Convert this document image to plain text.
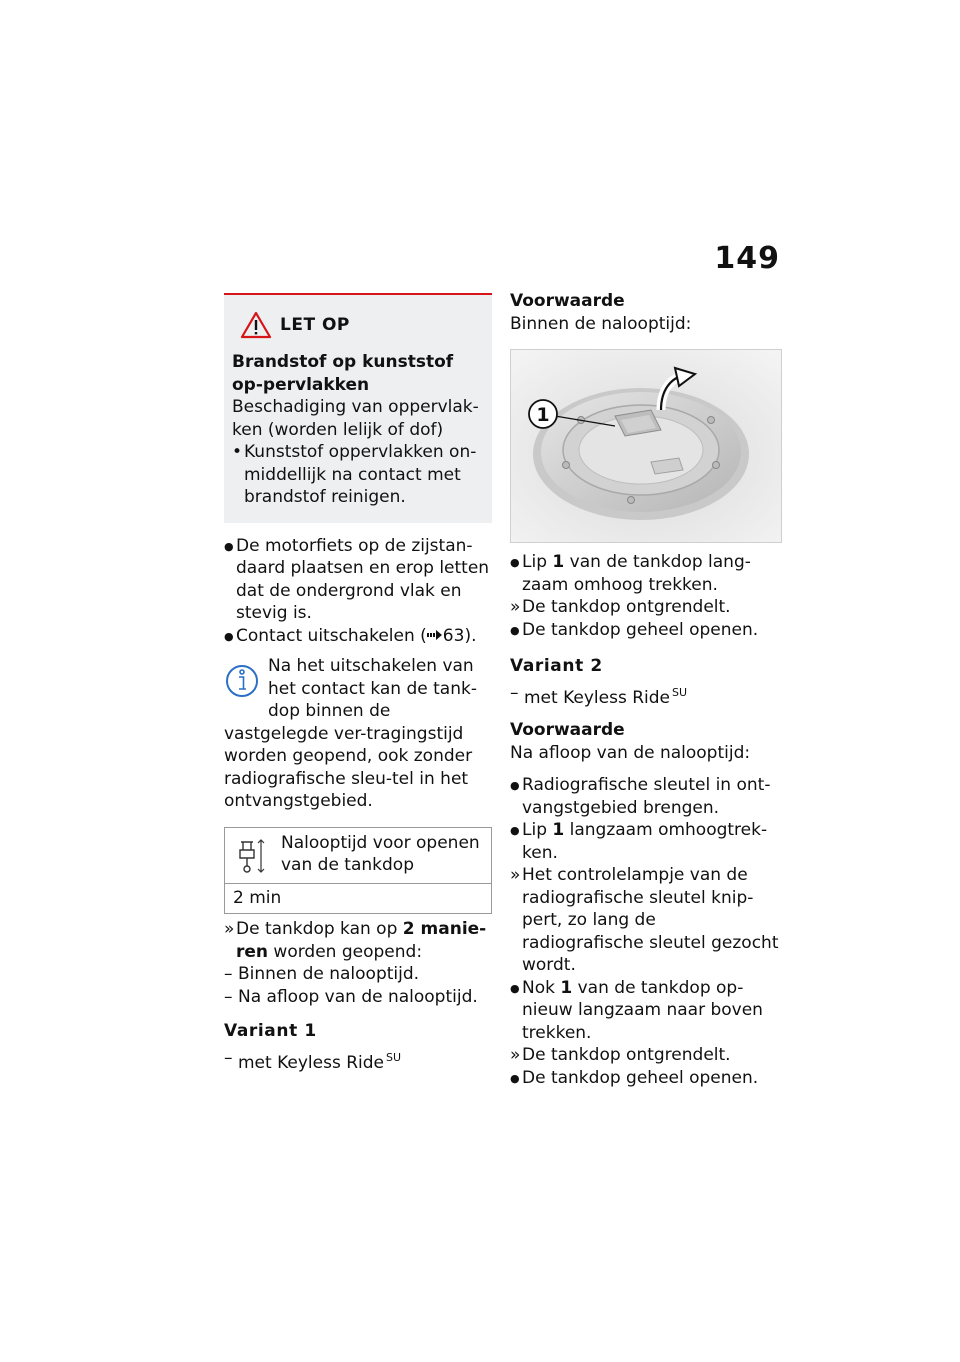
149
LET OP

Brandstof op kunststof op-pervlakken

Beschadiging van oppervlak-ken (worden lelijk of dof)

•
Kunststof oppervlakken on-middellijk na contact met brandstof reinigen.
●
De motorfiets op de zijstan-daard plaatsen en erop letten dat de ondergrond vlak en stevig is.
●
Contact uitschakelen ( 63).

Na het uitschakelen van het contact kan de tank-dop binnen de vastgelegde ver-tragingstijd worden geopend, ook zonder radiografische sleu-tel in het ontvangstgebied.

Nalooptijd voor openen van de tankdop
2 min
»
De tankdop kan op 2 manie-ren worden geopend:
–
Binnen de nalooptijd.
–
Na afloop van de nalooptijd.

Variant 1

–
met Keyless Ride $^{SU}$

Voorwaarde

Binnen de nalooptijd:

1
●
Lip 1 van de tankdop lang-zaam omhoog trekken.
»
De tankdop ontgrendelt.
●
De tankdop geheel openen.

Variant 2

–
met Keyless Ride $^{SU}$

Voorwaarde

Na afloop van de nalooptijd:

●
Radiografische sleutel in ont-vangstgebied brengen.
●
Lip 1 langzaam omhoogtrek-ken.
»
Het controlelampje van de radiografische sleutel knip-pert, zo lang de radiografische sleutel gezocht wordt.
●
Nok 1 van de tankdop op-nieuw langzaam naar boven trekken.
»
De tankdop ontgrendelt.
●
De tankdop geheel openen.
